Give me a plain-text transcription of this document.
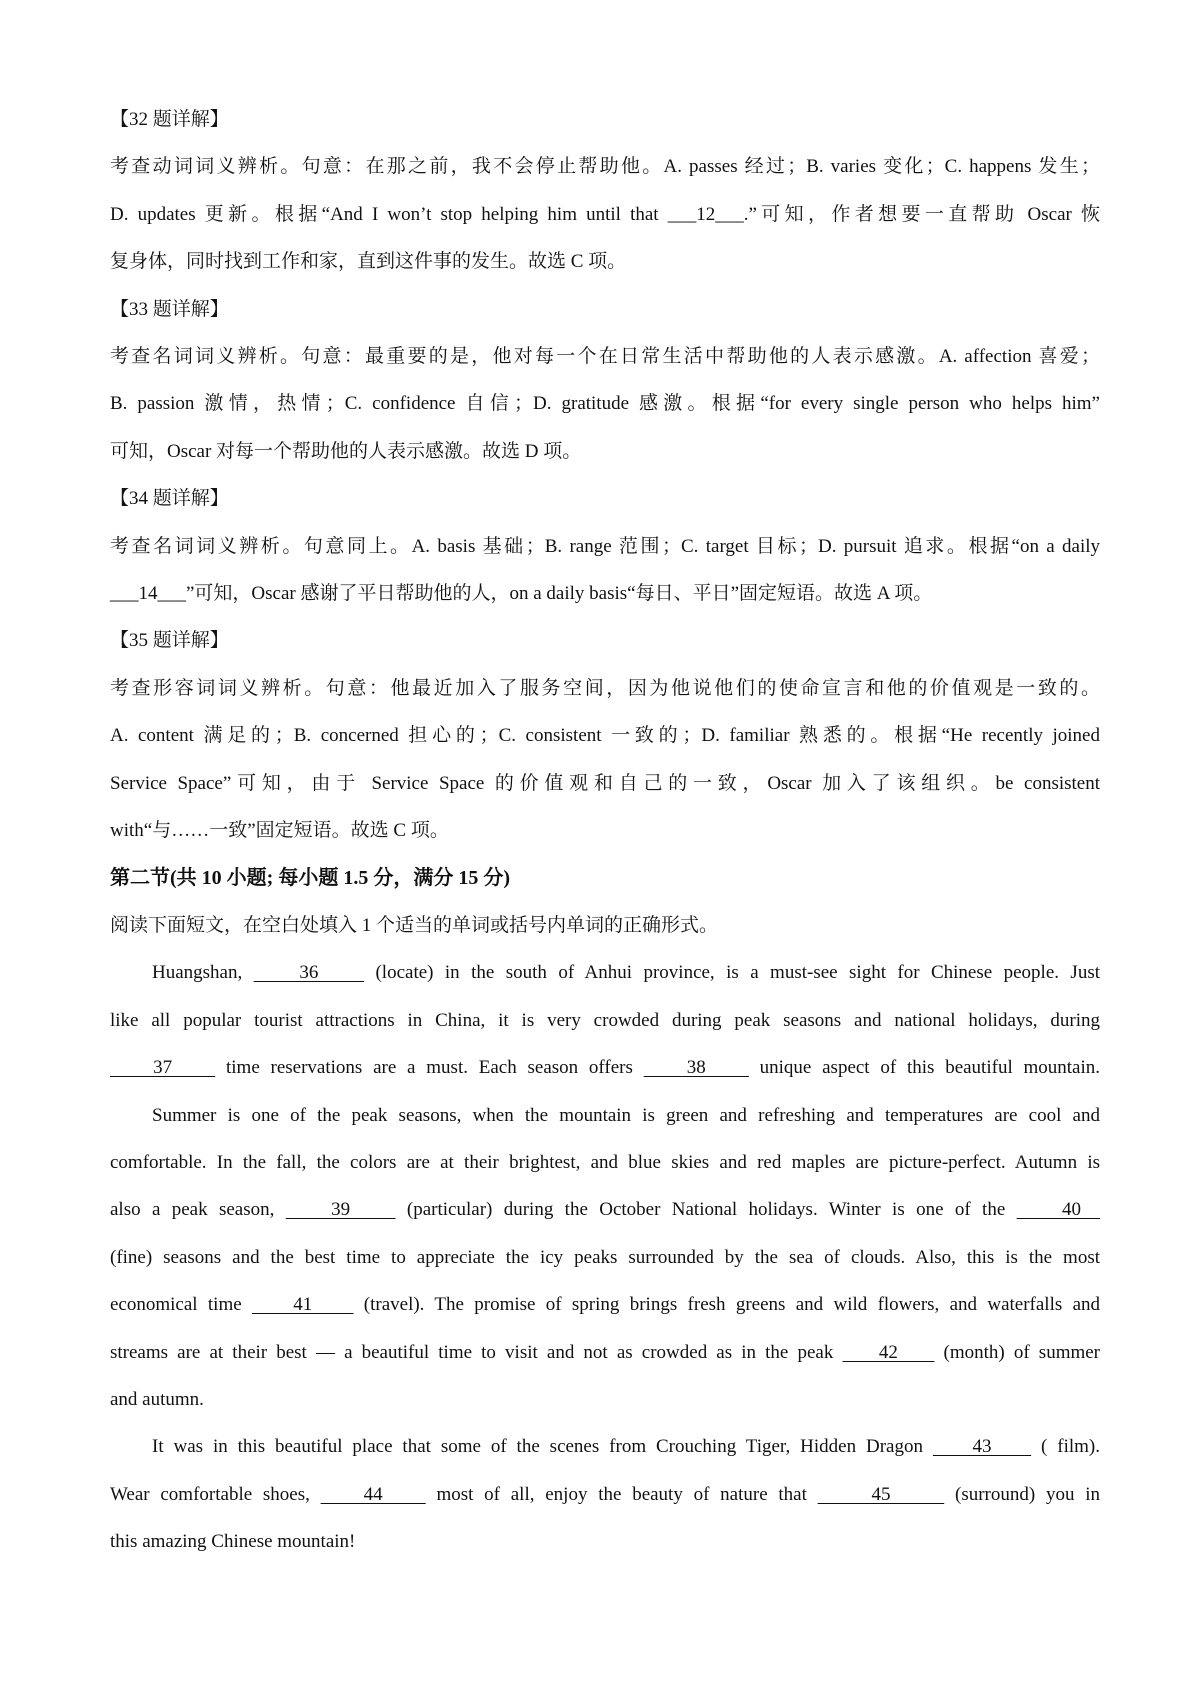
【32 题详解】
考查动词词义辨析。句意：在那之前，我不会停止帮助他。A. passes 经过；B. varies 变化；C. happens 发生；
D. updates 更新。根据“And I won’t stop helping him until that ___12___.”可知，作者想要一直帮助 Oscar 恢
复身体，同时找到工作和家，直到这件事的发生。故选 C 项。
【33 题详解】
考查名词词义辨析。句意：最重要的是，他对每一个在日常生活中帮助他的人表示感激。A. affection 喜爱；
B. passion 激情，热情；C. confidence 自信；D. gratitude 感激。根据“for every single person who helps him”
可知，Oscar 对每一个帮助他的人表示感激。故选 D 项。
【34 题详解】
考查名词词义辨析。句意同上。A. basis 基础；B. range 范围；C. target 目标；D. pursuit 追求。根据“on a daily
___14___”可知，Oscar 感谢了平日帮助他的人，on a daily basis“每日、平日”固定短语。故选 A 项。
【35 题详解】
考查形容词词义辨析。句意：他最近加入了服务空间，因为他说他们的使命宣言和他的价值观是一致的。
A. content 满足的；B. concerned 担心的；C. consistent 一致的；D. familiar 熟悉的。根据“He recently joined
Service Space”可知，由于 Service Space 的价值观和自己的一致，Oscar 加入了该组织。be consistent
with“与……一致”固定短语。故选 C 项。
第二节(共 10 小题; 每小题 1.5 分，满分 15 分)
阅读下面短文，在空白处填入 1 个适当的单词或括号内单词的正确形式。
Huangshan,     36     (locate) in the south of Anhui province, is a must-see sight for Chinese people. Just
like all popular tourist attractions in China, it is very crowded during peak seasons and national holidays, during
37     time reservations are a must. Each season offers     38     unique aspect of this beautiful mountain.
Summer is one of the peak seasons, when the mountain is green and refreshing and temperatures are cool and
comfortable. In the fall, the colors are at their brightest, and blue skies and red maples are picture-perfect. Autumn is
also a peak season,     39     (particular) during the October National holidays. Winter is one of the     40
(fine) seasons and the best time to appreciate the icy peaks surrounded by the sea of clouds. Also, this is the most
economical time     41     (travel). The promise of spring brings fresh greens and wild flowers, and waterfalls and
streams are at their best — a beautiful time to visit and not as crowded as in the peak     42     (month) of summer
and autumn.
It was in this beautiful place that some of the scenes from Crouching Tiger, Hidden Dragon     43     ( film).
Wear comfortable shoes,     44     most of all, enjoy the beauty of nature that      45      (surround) you in
this amazing Chinese mountain!
